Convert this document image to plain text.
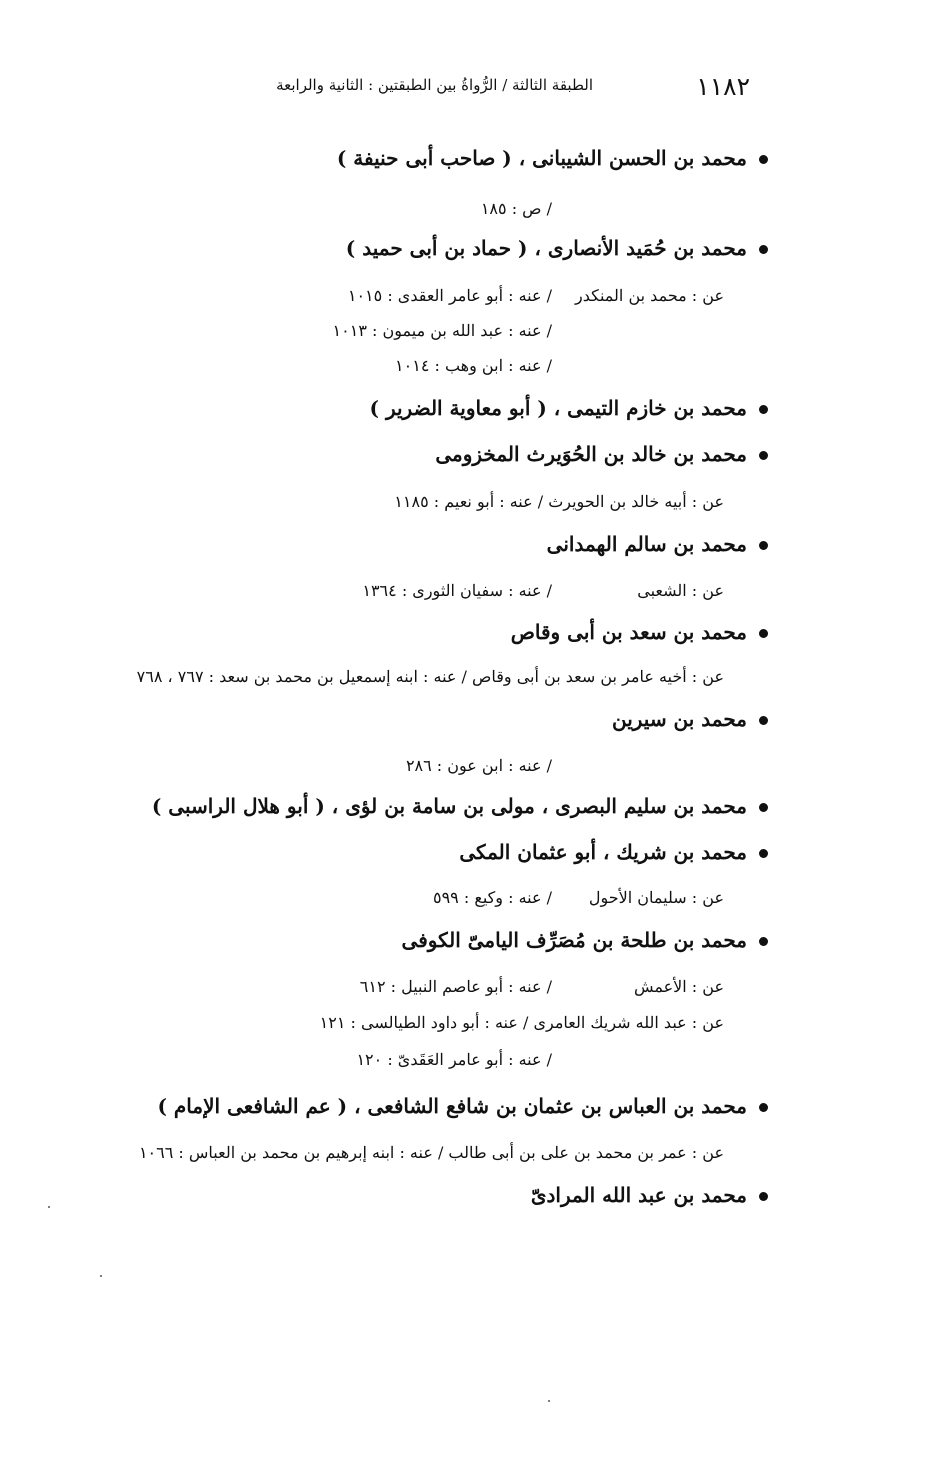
١١٨٢
الطبقة الثالثة / الرُّواةُ بين الطبقتين : الثانية والرابعة
محمد بن الحسن الشيبانى ، ( صاحب أبى حنيفة )
/ ص : ١٨٥
محمد بن حُمَيد الأنصارى ، ( حماد بن أبى حميد )
عن : محمد بن المنكدر
/ عنه : أبو عامر العقدى : ١٠١٥
/ عنه : عبد الله بن ميمون : ١٠١٣
/ عنه : ابن وهب : ١٠١٤
محمد بن خازم التيمى ، ( أبو معاوية الضرير )
محمد بن خالد بن الحُوَيرث المخزومى
عن : أبيه خالد بن الحويرث / عنه : أبو نعيم : ١١٨٥
محمد بن سالم الهمدانى
عن : الشعبى
/ عنه : سفيان الثورى : ١٣٦٤
محمد بن سعد بن أبى وقاص
عن : أخيه عامر بن سعد بن أبى وقاص / عنه : ابنه إسمعيل بن محمد بن سعد : ٧٦٧ ، ٧٦٨
محمد بن سيرين
/ عنه : ابن عون : ٢٨٦
محمد بن سليم البصرى ، مولى بن سامة بن لؤى ، ( أبو هلال الراسبى )
محمد بن شريك ، أبو عثمان المكى
عن : سليمان الأحول
/ عنه : وكيع : ٥٩٩
محمد بن طلحة بن مُصَرِّف اليامىّ الكوفى
عن : الأعمش
/ عنه : أبو عاصم النبيل : ٦١٢
عن : عبد الله شريك العامرى / عنه : أبو داود الطيالسى : ١٢١
/ عنه : أبو عامر العَقَدىّ : ١٢٠
محمد بن العباس بن عثمان بن شافع الشافعى ، ( عم الشافعى الإمام )
عن : عمر بن محمد بن على بن أبى طالب / عنه : ابنه إبرهيم بن محمد بن العباس : ١٠٦٦
محمد بن عبد الله المرادىّ
